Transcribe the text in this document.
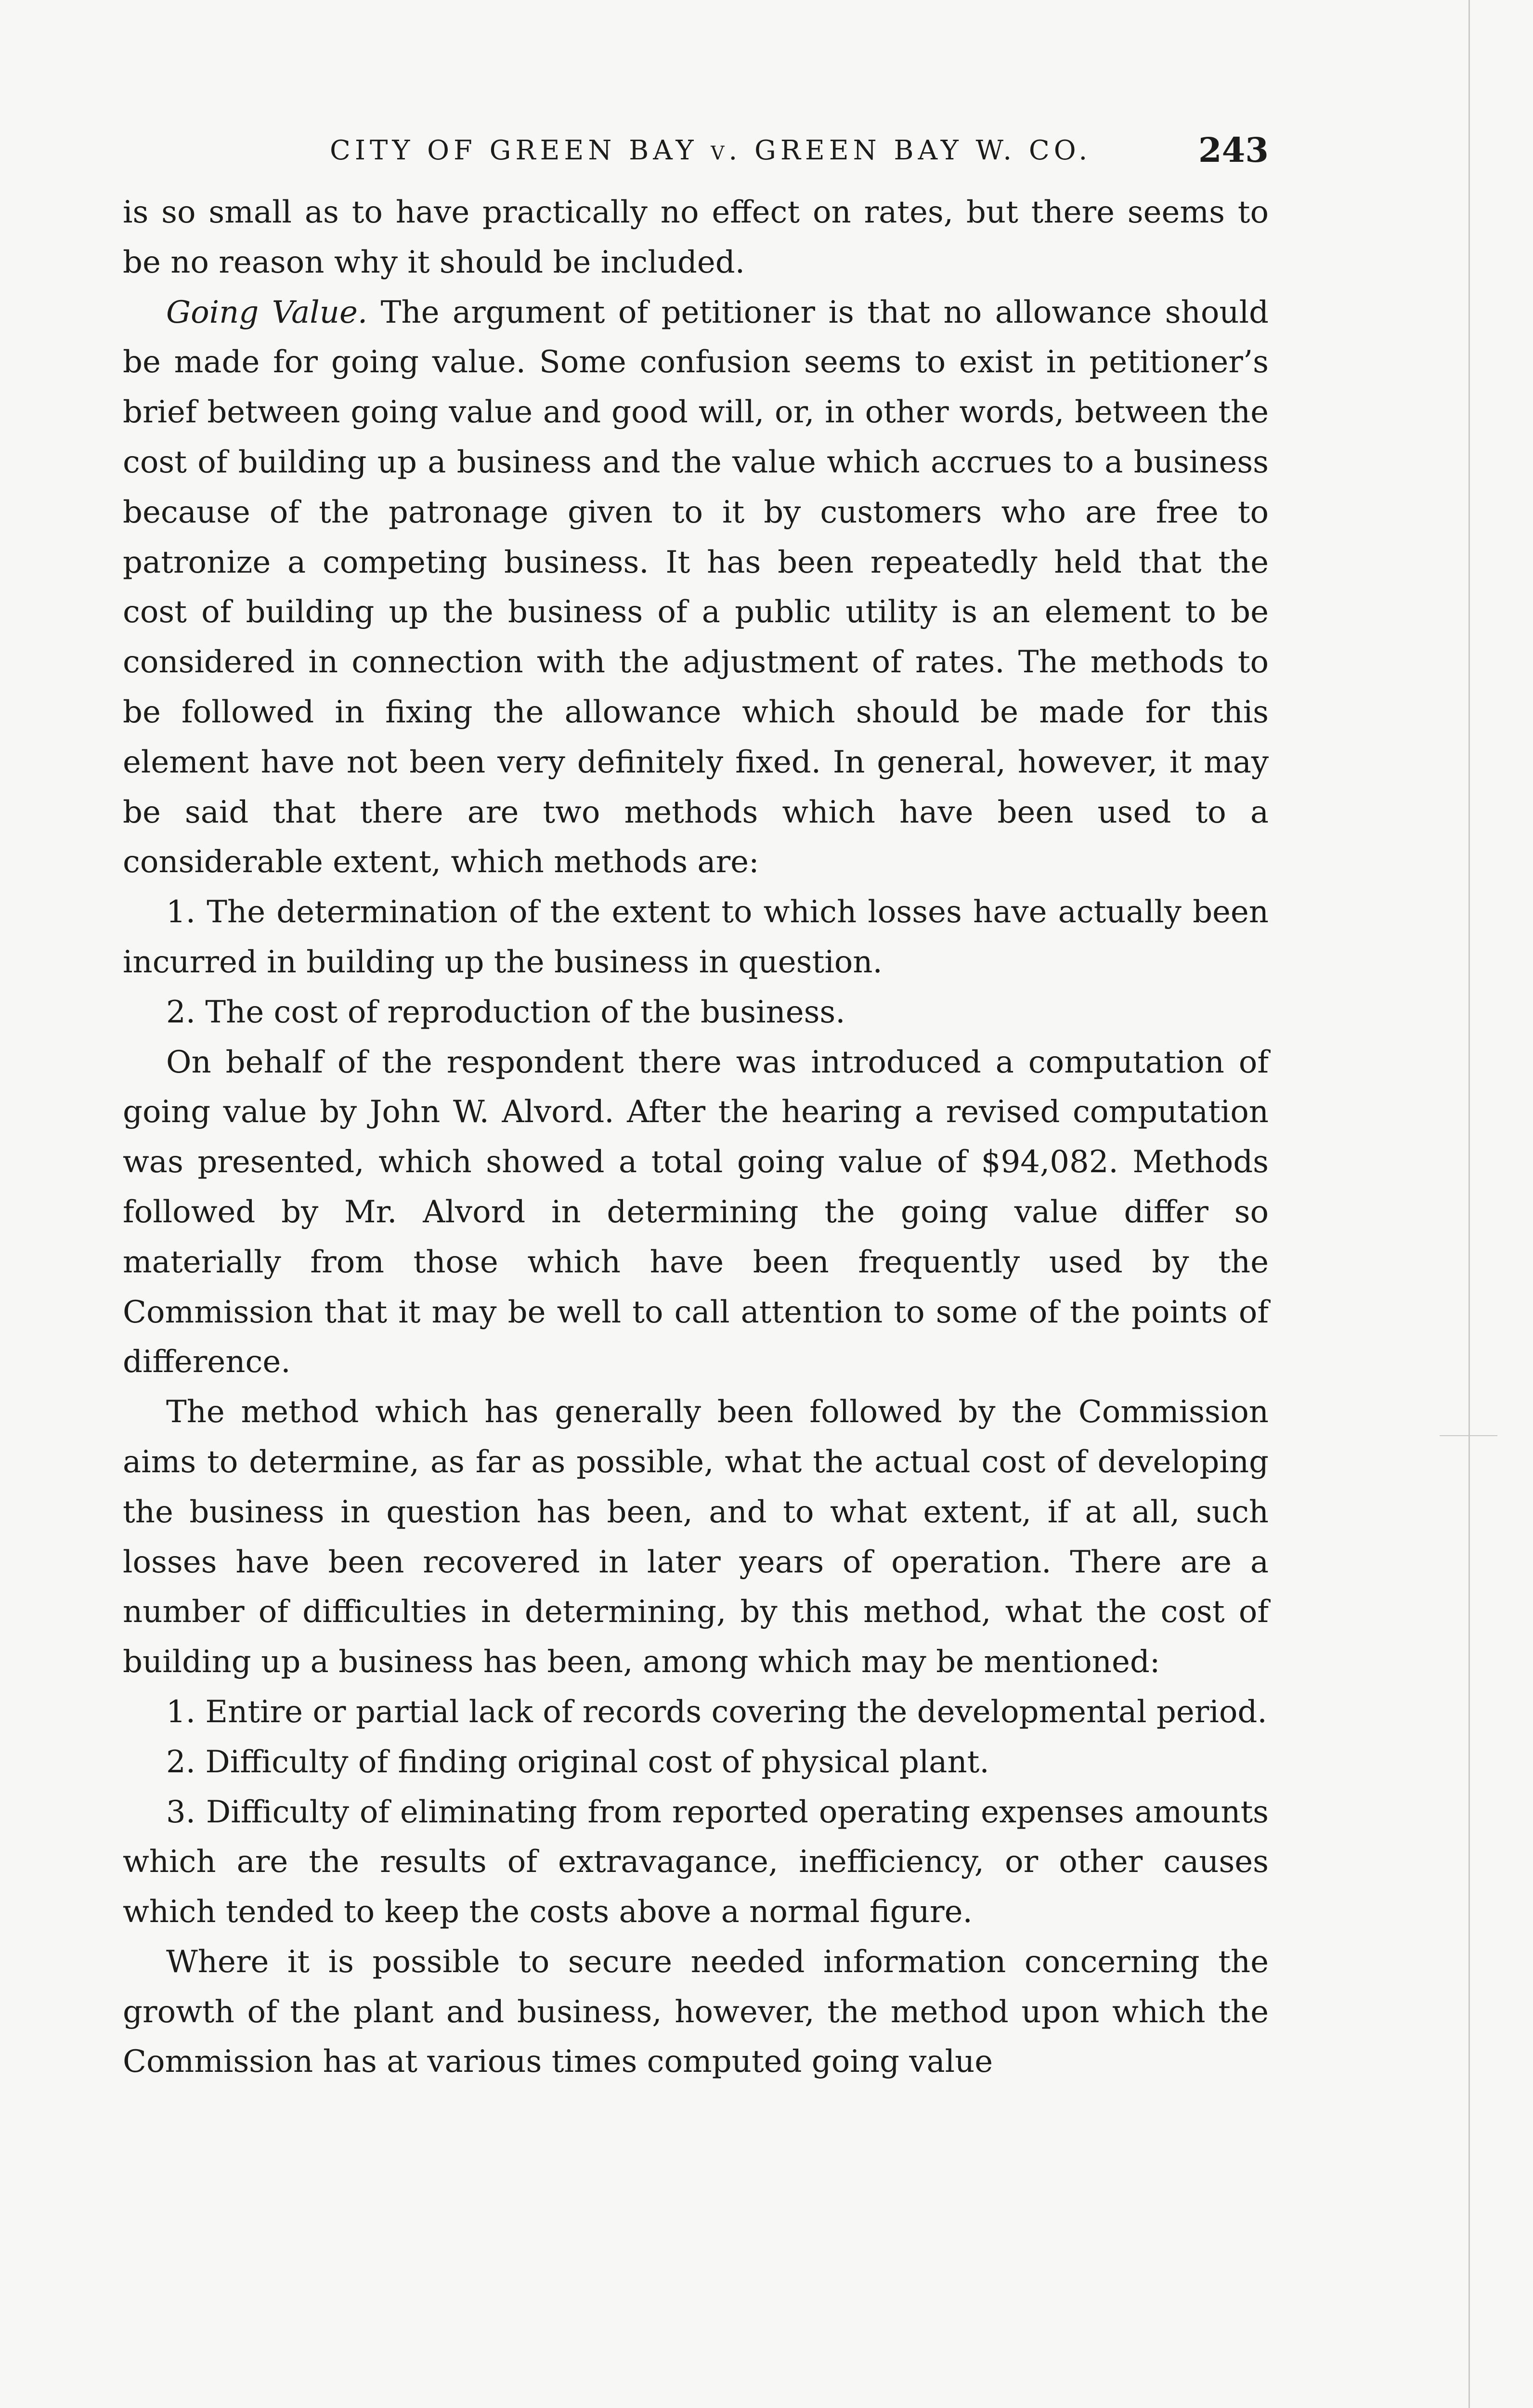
CITY OF GREEN BAY v. GREEN BAY W. CO.	243

is so small as to have practically no effect on rates, but there seems to be no reason why it should be included.

Going Value. The argument of petitioner is that no allowance should be made for going value. Some confusion seems to exist in petitioner’s brief between going value and good will, or, in other words, between the cost of building up a business and the value which accrues to a business because of the patronage given to it by customers who are free to patronize a competing business. It has been repeatedly held that the cost of building up the business of a public utility is an element to be considered in connection with the adjustment of rates. The methods to be followed in fixing the allowance which should be made for this element have not been very definitely fixed. In general, however, it may be said that there are two methods which have been used to a considerable extent, which methods are:

1. The determination of the extent to which losses have actually been incurred in building up the business in question.

2. The cost of reproduction of the business.

On behalf of the respondent there was introduced a computation of going value by John W. Alvord. After the hearing a revised computation was presented, which showed a total going value of $94,082. Methods followed by Mr. Alvord in determining the going value differ so materially from those which have been frequently used by the Commission that it may be well to call attention to some of the points of difference.

The method which has generally been followed by the Commission aims to determine, as far as possible, what the actual cost of developing the business in question has been, and to what extent, if at all, such losses have been recovered in later years of operation. There are a number of difficulties in determining, by this method, what the cost of building up a business has been, among which may be mentioned:

1. Entire or partial lack of records covering the developmental period.

2. Difficulty of finding original cost of physical plant.

3. Difficulty of eliminating from reported operating expenses amounts which are the results of extravagance, inefficiency, or other causes which tended to keep the costs above a normal figure.

Where it is possible to secure needed information concerning the growth of the plant and business, however, the method upon which the Commission has at various times computed going value
